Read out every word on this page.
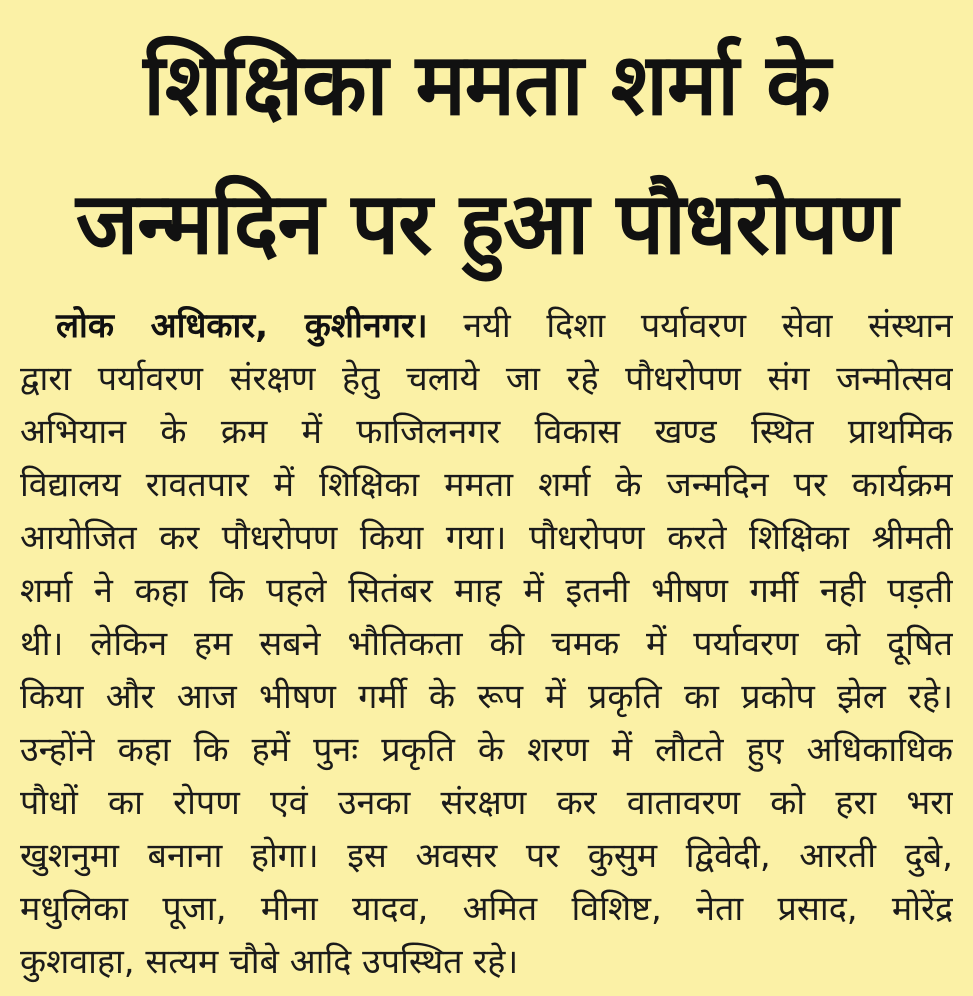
शिक्षिका ममता शर्मा के
जन्मदिन पर हुआ पौधरोपण
लोक अधिकार, कुशीनगर। नयी दिशा पर्यावरण सेवा संस्थान
द्वारा पर्यावरण संरक्षण हेतु चलाये जा रहे पौधरोपण संग जन्मोत्सव
अभियान के क्रम में फाजिलनगर विकास खण्ड स्थित प्राथमिक
विद्यालय रावतपार में शिक्षिका ममता शर्मा के जन्मदिन पर कार्यक्रम
आयोजित कर पौधरोपण किया गया। पौधरोपण करते शिक्षिका श्रीमती
शर्मा ने कहा कि पहले सितंबर माह में इतनी भीषण गर्मी नही पड़ती
थी। लेकिन हम सबने भौतिकता की चमक में पर्यावरण को दूषित
किया और आज भीषण गर्मी के रूप में प्रकृति का प्रकोप झेल रहे।
उन्होंने कहा कि हमें पुनः प्रकृति के शरण में लौटते हुए अधिकाधिक
पौधों का रोपण एवं उनका संरक्षण कर वातावरण को हरा भरा
खुशनुमा बनाना होगा। इस अवसर पर कुसुम द्विवेदी, आरती दुबे,
मधुलिका पूजा, मीना यादव, अमित विशिष्ट, नेता प्रसाद, मोरेंद्र
कुशवाहा, सत्यम चौबे आदि उपस्थित रहे।
